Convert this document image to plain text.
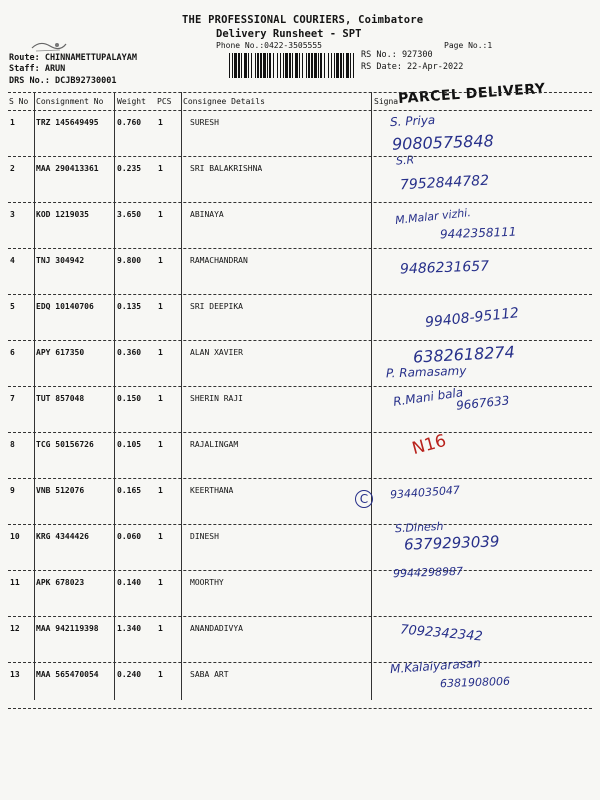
THE PROFESSIONAL COURIERS, Coimbatore
Delivery Runsheet - SPT
Phone No.:0422-3505555	Page No.:1
Route: CHINNAMETTUPALAYAM
Staff: ARUN
DRS No.: DCJB92730001
RS No.: 927300
RS Date: 22-Apr-2022
PARCEL DELIVERY
S No Consignment No Weight PCS Consignee Details	Signa
1	TRZ 145649495 0.760 1	SURESH	S. Priya
9080575848
S.R
2	MAA 290413361 0.235 1	SRI BALAKRISHNA
7952844782
3	KOD 1219035	3.650 1	ABINAYA	M.Malar vizhi.
9442358111
4	TNJ 304942	9.800 1	RAMACHANDRAN	9486231657
5	EDQ 10140706	0.135 1	SRI DEEPIKA	99408-95112
6	APY 617350	0.360 1	ALAN XAVIER	6382618274
P. Ramasamy
7	TUT 857048	0.150 1	SHERIN RAJI	R.Mani bala
9667633
8	TCG 50156726	0.105 1	RAJALINGAM	N16
9	VNB 512076	0.165 1	KEERTHANA	9344035047
C
10 KRG 4344426	0.060 1	DINESH
S.Dinesh
6379293039
11 APK 678023	0.140 1	MOORTHY
9944298987
12 MAA 942119398 1.340 1	ANANDADIVYA	7092342342
13 MAA 565470054 0.240 1	SABA ART	M.Kalaiyarasan
6381908006
